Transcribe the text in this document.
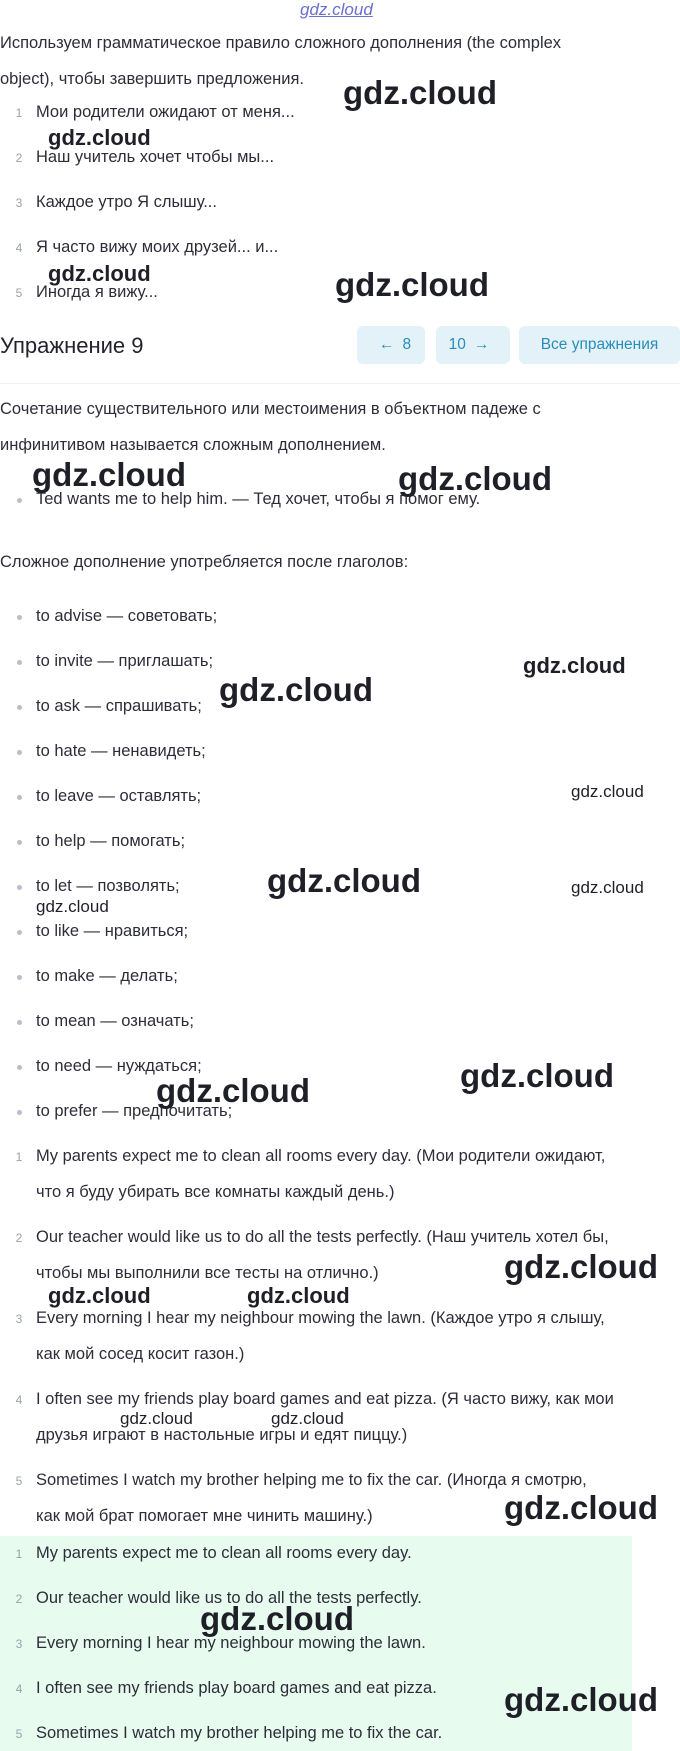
gdz.cloud
Используем грамматическое правило сложного дополнения (the complex
object), чтобы завершить предложения.
1 Мои родители ожидают от меня...
2 Наш учитель хочет чтобы мы...
3 Каждое утро Я слышу...
4 Я часто вижу моих друзей... и...
5 Иногда я вижу...
Упражнение 9	← 8 10 →	Все упражнения
Сочетание существительного или местоимения в объектном падеже с
инфинитивом называется сложным дополнением.
Ted wants me to help him. — Тед хочет, чтобы я помог ему.
Сложное дополнение употребляется после глаголов:
to advise — советовать;
to invite — приглашать;
to ask — спрашивать;
to hate — ненавидеть;
to leave — оставлять;
to help — помогать;
to let — позволять;
to like — нравиться;
to make — делать;
to mean — означать;
to need — нуждаться;
to prefer — предпочитать;
1 My parents expect me to clean all rooms every day. (Мои родители ожидают,
что я буду убирать все комнаты каждый день.)
2 Our teacher would like us to do all the tests perfectly. (Наш учитель хотел бы,
чтобы мы выполнили все тесты на отлично.)
3 Every morning I hear my neighbour mowing the lawn. (Каждое утро я слышу,
как мой сосед косит газон.)
4 I often see my friends play board games and eat pizza. (Я часто вижу, как мои
друзья играют в настольные игры и едят пиццу.)
5 Sometimes I watch my brother helping me to fix the car. (Иногда я смотрю,
как мой брат помогает мне чинить машину.)
1 My parents expect me to clean all rooms every day.
2 Our teacher would like us to do all the tests perfectly.
3 Every morning I hear my neighbour mowing the lawn.
4 I often see my friends play board games and eat pizza.
5 Sometimes I watch my brother helping me to fix the car.
gdz.cloud
gdz.cloud
gdz.cloud	gdz.cloud
gdz.cloud	gdz.cloud
gdz.cloud
gdz.cloud
gdz.cloud
gdz.cloud	gdz.cloud
gdz.cloud
gdz.cloud
gdz.cloud
gdz.cloud
gdz.cloud	gdz.cloud
gdz.cloud	gdz.cloud
gdz.cloud
gdz.cloud
gdz.cloud
